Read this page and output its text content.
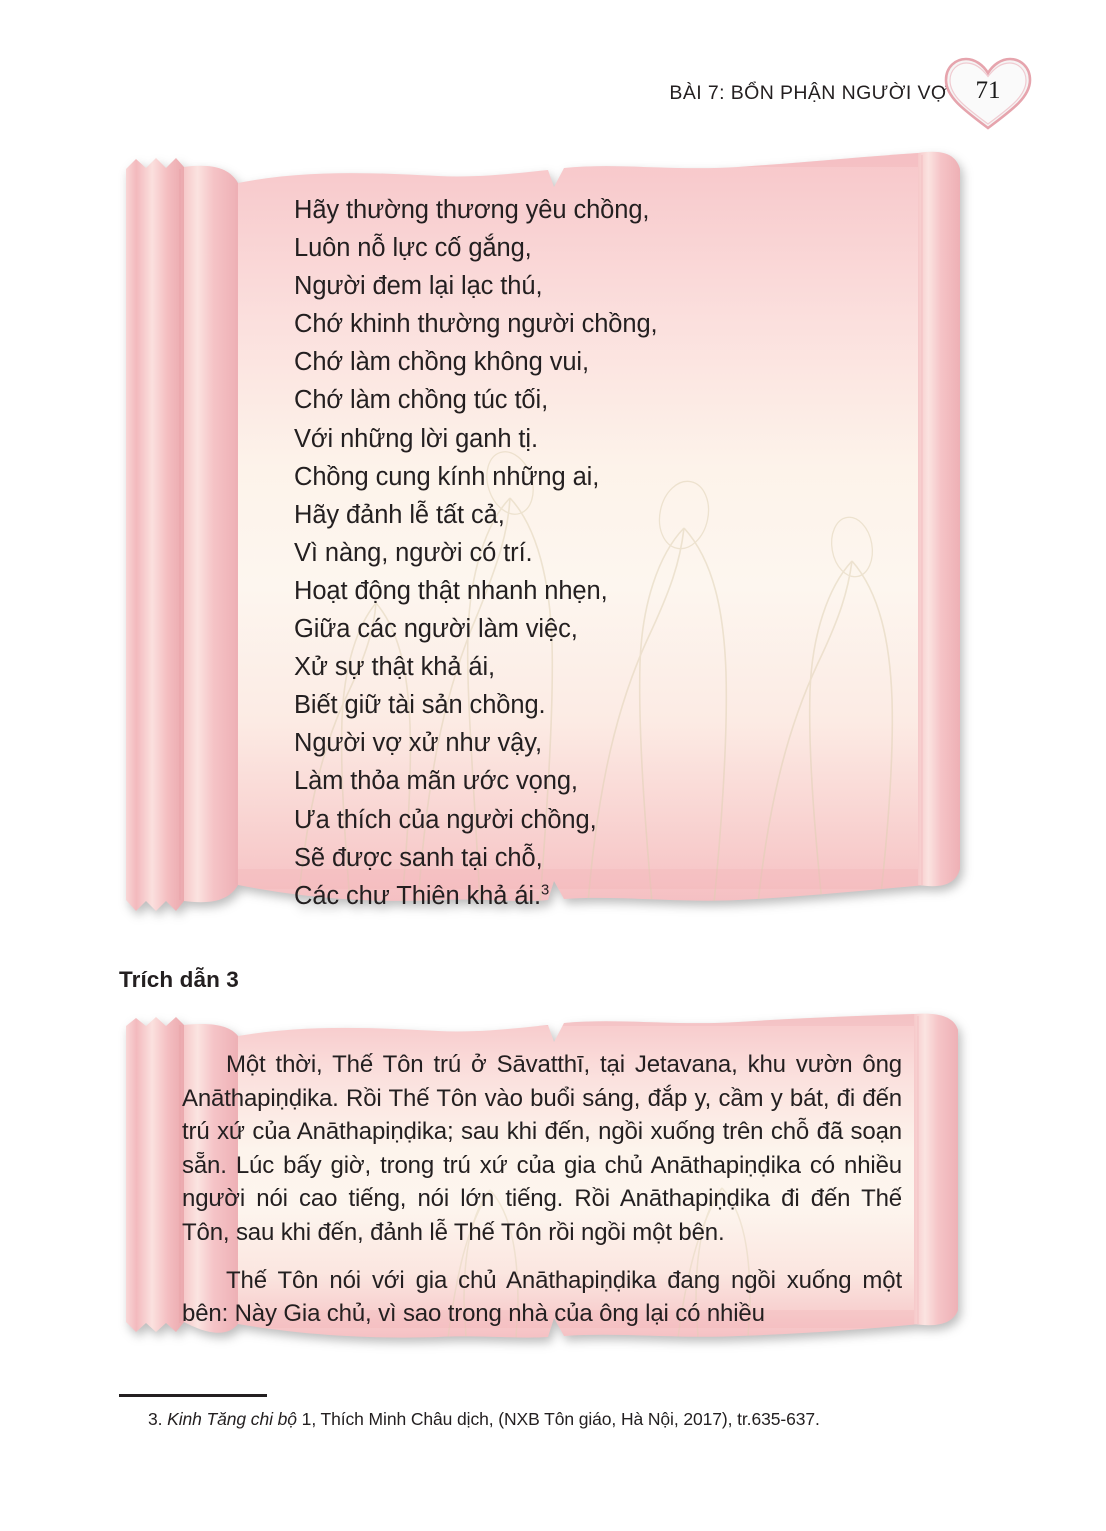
BÀI 7: BỔN PHẬN NGƯỜI VỢ 71
Hãy thường thương yêu chồng,
Luôn nỗ lực cố gắng,
Người đem lại lạc thú,
Chớ khinh thường người chồng,
Chớ làm chồng không vui,
Chớ làm chồng túc tối,
Với những lời ganh tị.
Chồng cung kính những ai,
Hãy đảnh lễ tất cả,
Vì nàng, người có trí.
Hoạt động thật nhanh nhẹn,
Giữa các người làm việc,
Xử sự thật khả ái,
Biết giữ tài sản chồng.
Người vợ xử như vậy,
Làm thỏa mãn ước vọng,
Ưa thích của người chồng,
Sẽ được sanh tại chỗ,
Các chư Thiên khả ái.$^3$
Trích dẫn 3

Một thời, Thế Tôn trú ở Sāvatthī, tại Jetavana, khu vườn ông Anāthapiṇḍika. Rồi Thế Tôn vào buổi sáng, đắp y, cầm y bát, đi đến trú xứ của Anāthapiṇḍika; sau khi đến, ngồi xuống trên chỗ đã soạn sẵn. Lúc bấy giờ, trong trú xứ của gia chủ Anāthapiṇḍika có nhiều người nói cao tiếng, nói lớn tiếng. Rồi Anāthapiṇḍika đi đến Thế Tôn, sau khi đến, đảnh lễ Thế Tôn rồi ngồi một bên.

Thế Tôn nói với gia chủ Anāthapiṇḍika đang ngồi xuống một bên: Này Gia chủ, vì sao trong nhà của ông lại có nhiều

3. Kinh Tăng chi bộ 1, Thích Minh Châu dịch, (NXB Tôn giáo, Hà Nội, 2017), tr.635-637.
